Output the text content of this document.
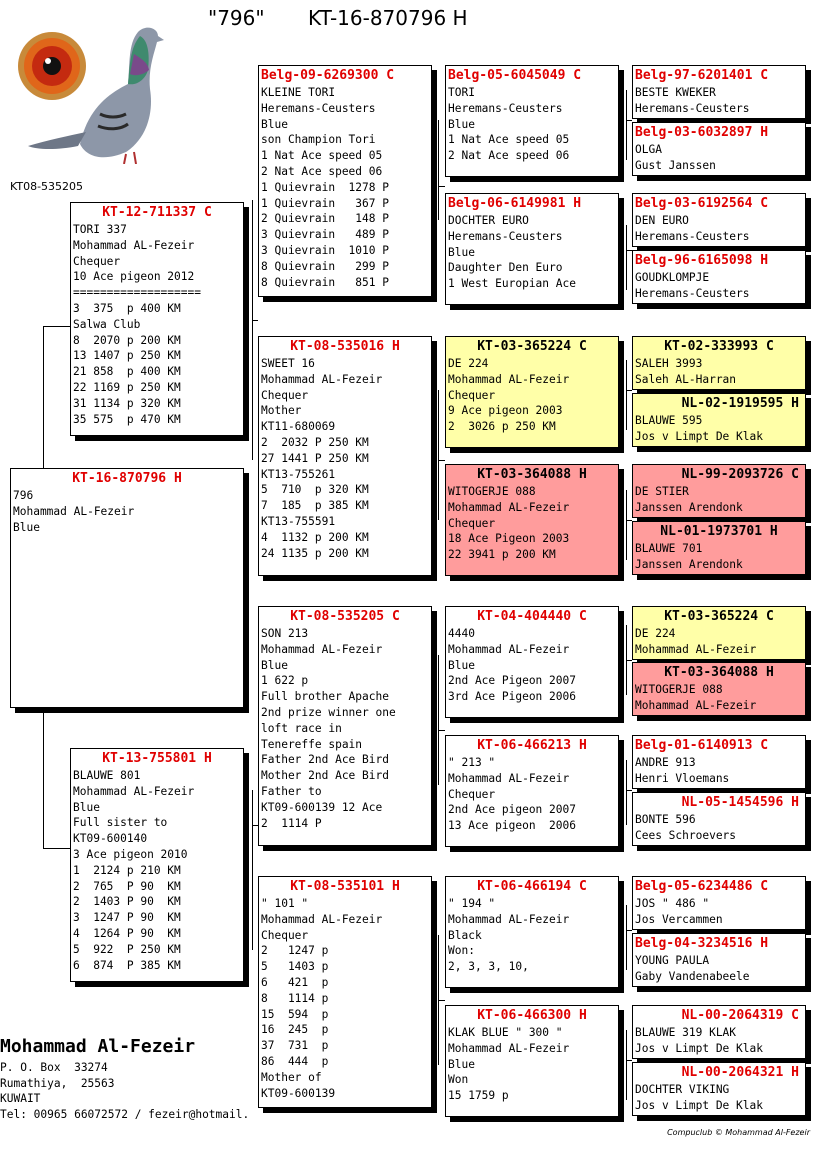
"796" KT-16-870796 H
KT08-535205
KT-16-870796 H
796
Mohammad AL-Fezeir
Blue
KT-12-711337 C
TORI 337
Mohammad AL-Fezeir
Chequer
10 Ace pigeon 2012
===================
3  375  p 400 KM
Salwa Club
8  2070 p 200 KM
13 1407 p 250 KM
21 858  p 400 KM
22 1169 p 250 KM
31 1134 p 320 KM
35 575  p 470 KM
KT-13-755801 H
BLAUWE 801
Mohammad AL-Fezeir
Blue
Full sister to
KT09-600140
3 Ace pigeon 2010
1  2124 p 210 KM
2  765  P 90  KM
2  1403 P 90  KM
3  1247 P 90  KM
4  1264 P 90  KM
5  922  P 250 KM
6  874  P 385 KM
Belg-09-6269300 C
KLEINE TORI
Heremans-Ceusters
Blue
son Champion Tori
1 Nat Ace speed 05
2 Nat Ace speed 06
1 Quievrain  1278 P
1 Quievrain   367 P
2 Quievrain   148 P
3 Quievrain   489 P
3 Quievrain  1010 P
8 Quievrain   299 P
8 Quievrain   851 P
KT-08-535016 H
SWEET 16
Mohammad AL-Fezeir
Chequer
Mother
KT11-680069
2  2032 P 250 KM
27 1441 P 250 KM
KT13-755261
5  710  p 320 KM
7  185  p 385 KM
KT13-755591
4  1132 p 200 KM
24 1135 p 200 KM
KT-08-535205 C
SON 213
Mohammad AL-Fezeir
Blue
1 622 p
Full brother Apache
2nd prize winner one
loft race in
Tenereffe spain
Father 2nd Ace Bird
Mother 2nd Ace Bird
Father to
KT09-600139 12 Ace
2  1114 P
KT-08-535101 H
" 101 "
Mohammad AL-Fezeir
Chequer
2   1247 p
5   1403 p
6   421  p
8   1114 p
15  594  p
16  245  p
37  731  p
86  444  p
Mother of
KT09-600139
Belg-05-6045049 C
TORI
Heremans-Ceusters
Blue
1 Nat Ace speed 05
2 Nat Ace speed 06
Belg-06-6149981 H
DOCHTER EURO
Heremans-Ceusters
Blue
Daughter Den Euro
1 West Europian Ace
KT-03-365224 C
DE 224
Mohammad AL-Fezeir
Chequer
9 Ace pigeon 2003
2  3026 p 250 KM
KT-03-364088 H
WITOGERJE 088
Mohammad AL-Fezeir
Chequer
18 Ace Pigeon 2003
22 3941 p 200 KM
KT-04-404440 C
4440
Mohammad AL-Fezeir
Blue
2nd Ace Pigeon 2007
3rd Ace Pigeon 2006
KT-06-466213 H
" 213 "
Mohammad AL-Fezeir
Chequer
2nd Ace pigeon 2007
13 Ace pigeon  2006
KT-06-466194 C
" 194 "
Mohammad AL-Fezeir
Black
Won:
2, 3, 3, 10,
KT-06-466300 H
KLAK BLUE " 300 "
Mohammad AL-Fezeir
Blue
Won
15 1759 p
Belg-97-6201401 C
BESTE KWEKER
Heremans-Ceusters
Belg-03-6032897 H
OLGA
Gust Janssen
Belg-03-6192564 C
DEN EURO
Heremans-Ceusters
Belg-96-6165098 H
GOUDKLOMPJE
Heremans-Ceusters
KT-02-333993 C
SALEH 3993
Saleh AL-Harran
NL-02-1919595 H
BLAUWE 595
Jos v Limpt De Klak
NL-99-2093726 C
DE STIER
Janssen Arendonk
NL-01-1973701 H
BLAUWE 701
Janssen Arendonk
KT-03-365224 C
DE 224
Mohammad AL-Fezeir
KT-03-364088 H
WITOGERJE 088
Mohammad AL-Fezeir
Belg-01-6140913 C
ANDRE 913
Henri Vloemans
NL-05-1454596 H
BONTE 596
Cees Schroevers
Belg-05-6234486 C
JOS " 486 "
Jos Vercammen
Belg-04-3234516 H
YOUNG PAULA
Gaby Vandenabeele
NL-00-2064319 C
BLAUWE 319 KLAK
Jos v Limpt De Klak
NL-00-2064321 H
DOCHTER VIKING
Jos v Limpt De Klak
Mohammad Al-Fezeir
P. O. Box  33274
Rumathiya,  25563
KUWAIT
Tel: 00965 66072572 / fezeir@hotmail.
Compuclub © Mohammad Al-Fezeir
